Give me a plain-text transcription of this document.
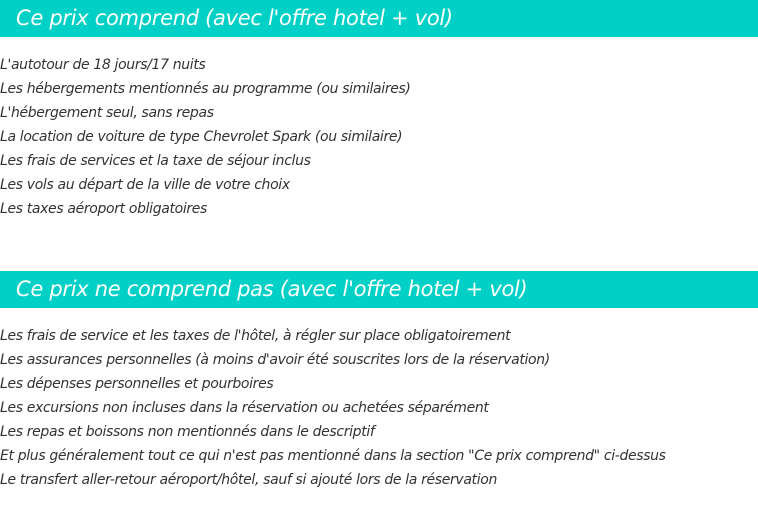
Ce prix comprend (avec l'offre hotel + vol)
L'autotour de 18 jours/17 nuits
Les hébergements mentionnés au programme (ou similaires)
L'hébergement seul, sans repas
La location de voiture de type Chevrolet Spark (ou similaire)
Les frais de services et la taxe de séjour inclus
Les vols au départ de la ville de votre choix
Les taxes aéroport obligatoires
Ce prix ne comprend pas (avec l'offre hotel + vol)
Les frais de service et les taxes de l'hôtel, à régler sur place obligatoirement
Les assurances personnelles (à moins d'avoir été souscrites lors de la réservation)
Les dépenses personnelles et pourboires
Les excursions non incluses dans la réservation ou achetées séparément
Les repas et boissons non mentionnés dans le descriptif
Et plus généralement tout ce qui n'est pas mentionné dans la section "Ce prix comprend" ci-dessus
Le transfert aller-retour aéroport/hôtel, sauf si ajouté lors de la réservation
